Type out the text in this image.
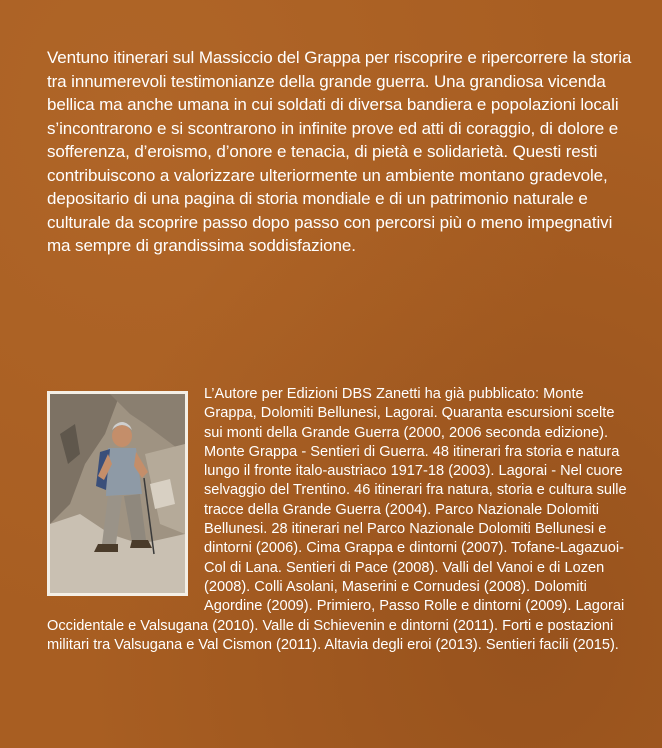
Ventuno itinerari sul Massiccio del Grappa per riscoprire e ripercorrere la storia tra innumerevoli testimonianze della grande guerra. Una grandiosa vicenda bellica ma anche umana in cui soldati di diversa bandiera e popolazioni locali s’incontrarono e si scontrarono in infinite prove ed atti di coraggio, di dolore e sofferenza, d’eroismo, d’onore e tenacia, di pietà e solidarietà. Questi resti contribuiscono a valorizzare ulteriormente un ambiente montano gradevole, depositario di una pagina di storia mondiale e di un patrimonio naturale e culturale da scoprire passo dopo passo con percorsi più o meno impegnativi ma sempre di grandissima soddisfazione.

L’Autore per Edizioni DBS Zanetti ha già pubblicato: Monte Grappa, Dolomiti Bellunesi, Lagorai. Quaranta escursioni scelte sui monti della Grande Guerra (2000, 2006 seconda edizione). Monte Grappa - Sentieri di Guerra. 48 itinerari fra storia e natura lungo il fronte italo-austriaco 1917-18 (2003). Lagorai - Nel cuore selvaggio del Trentino. 46 itinerari fra natura, storia e cultura sulle tracce della Grande Guerra (2004). Parco Nazionale Dolomiti Bellunesi. 28 itinerari nel Parco Nazionale Dolomiti Bellunesi e dintorni (2006). Cima Grappa e dintorni (2007). Tofane-Lagazuoi-Col di Lana. Sentieri di Pace (2008). Valli del Vanoi e di Lozen (2008). Colli Asolani, Maserini e Cornudesi (2008). Dolomiti Agordine (2009). Primiero, Passo Rolle e dintorni (2009). Lagorai Occidentale e Valsugana (2010). Valle di Schievenin e dintorni (2011). Forti e postazioni militari tra Valsugana e Val Cismon (2011). Altavia degli eroi (2013). Sentieri facili (2015).
